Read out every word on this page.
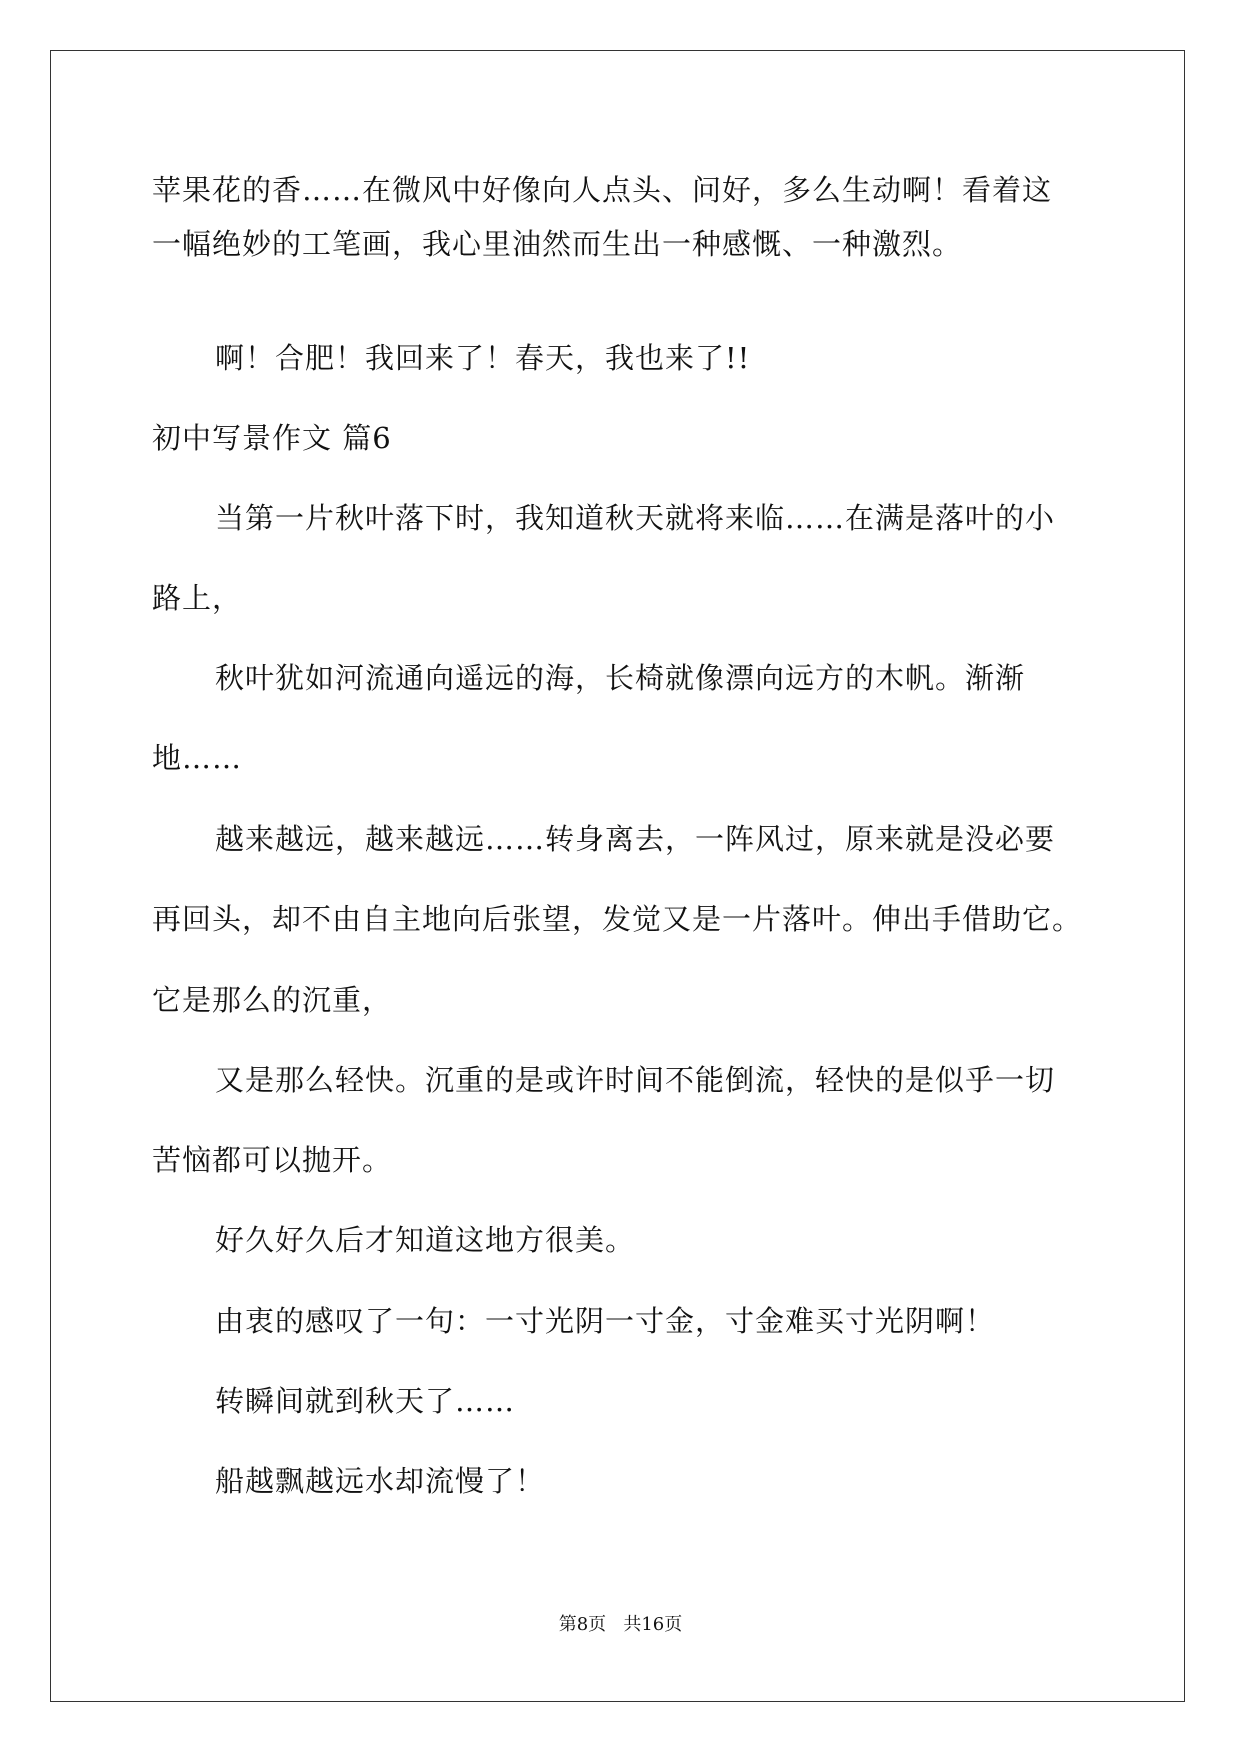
苹果花的香……在微风中好像向人点头、问好，多么生动啊！看着这
一幅绝妙的工笔画，我心里油然而生出一种感慨、一种激烈。
啊！合肥！我回来了！春天，我也来了!!
初中写景作文 篇6
当第一片秋叶落下时，我知道秋天就将来临……在满是落叶的小
路上，
秋叶犹如河流通向遥远的海，长椅就像漂向远方的木帆。渐渐
地……
越来越远，越来越远……转身离去，一阵风过，原来就是没必要
再回头，却不由自主地向后张望，发觉又是一片落叶。伸出手借助它。
它是那么的沉重，
又是那么轻快。沉重的是或许时间不能倒流，轻快的是似乎一切
苦恼都可以抛开。
好久好久后才知道这地方很美。
由衷的感叹了一句：一寸光阴一寸金，寸金难买寸光阴啊！
转瞬间就到秋天了……
船越飘越远水却流慢了！
第8页   共16页
